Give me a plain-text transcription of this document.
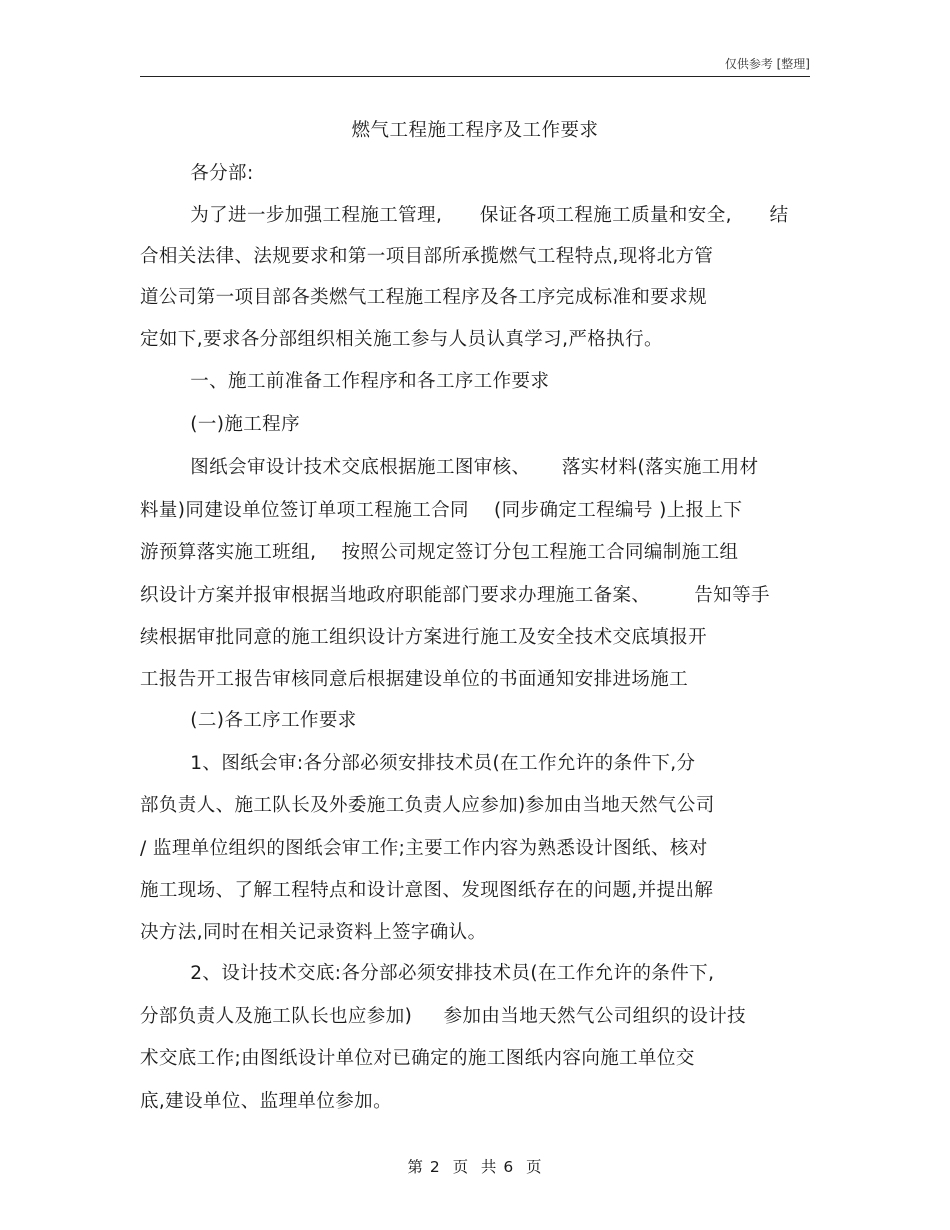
仅供参考 [整理]
燃气工程施工程序及工作要求
各分部:
为了进一步加强工程施工管理,      保证各项工程施工质量和安全,      结
合相关法律、法规要求和第一项目部所承揽燃气工程特点,现将北方管
道公司第一项目部各类燃气工程施工程序及各工序完成标准和要求规
定如下,要求各分部组织相关施工参与人员认真学习,严格执行。
一、施工前准备工作程序和各工序工作要求
(一)施工程序
图纸会审设计技术交底根据施工图审核、     落实材料(落实施工用材
料量)同建设单位签订单项工程施工合同    (同步确定工程编号 )上报上下
游预算落实施工班组,    按照公司规定签订分包工程施工合同编制施工组
织设计方案并报审根据当地政府职能部门要求办理施工备案、       告知等手
续根据审批同意的施工组织设计方案进行施工及安全技术交底填报开
工报告开工报告审核同意后根据建设单位的书面通知安排进场施工
(二)各工序工作要求
1、图纸会审:各分部必须安排技术员(在工作允许的条件下,分
部负责人、施工队长及外委施工负责人应参加)参加由当地天然气公司
/ 监理单位组织的图纸会审工作;主要工作内容为熟悉设计图纸、核对
施工现场、了解工程特点和设计意图、发现图纸存在的问题,并提出解
决方法,同时在相关记录资料上签字确认。
2、设计技术交底:各分部必须安排技术员(在工作允许的条件下,
分部负责人及施工队长也应参加)     参加由当地天然气公司组织的设计技
术交底工作;由图纸设计单位对已确定的施工图纸内容向施工单位交
底,建设单位、监理单位参加。
第 2  页  共 6  页
